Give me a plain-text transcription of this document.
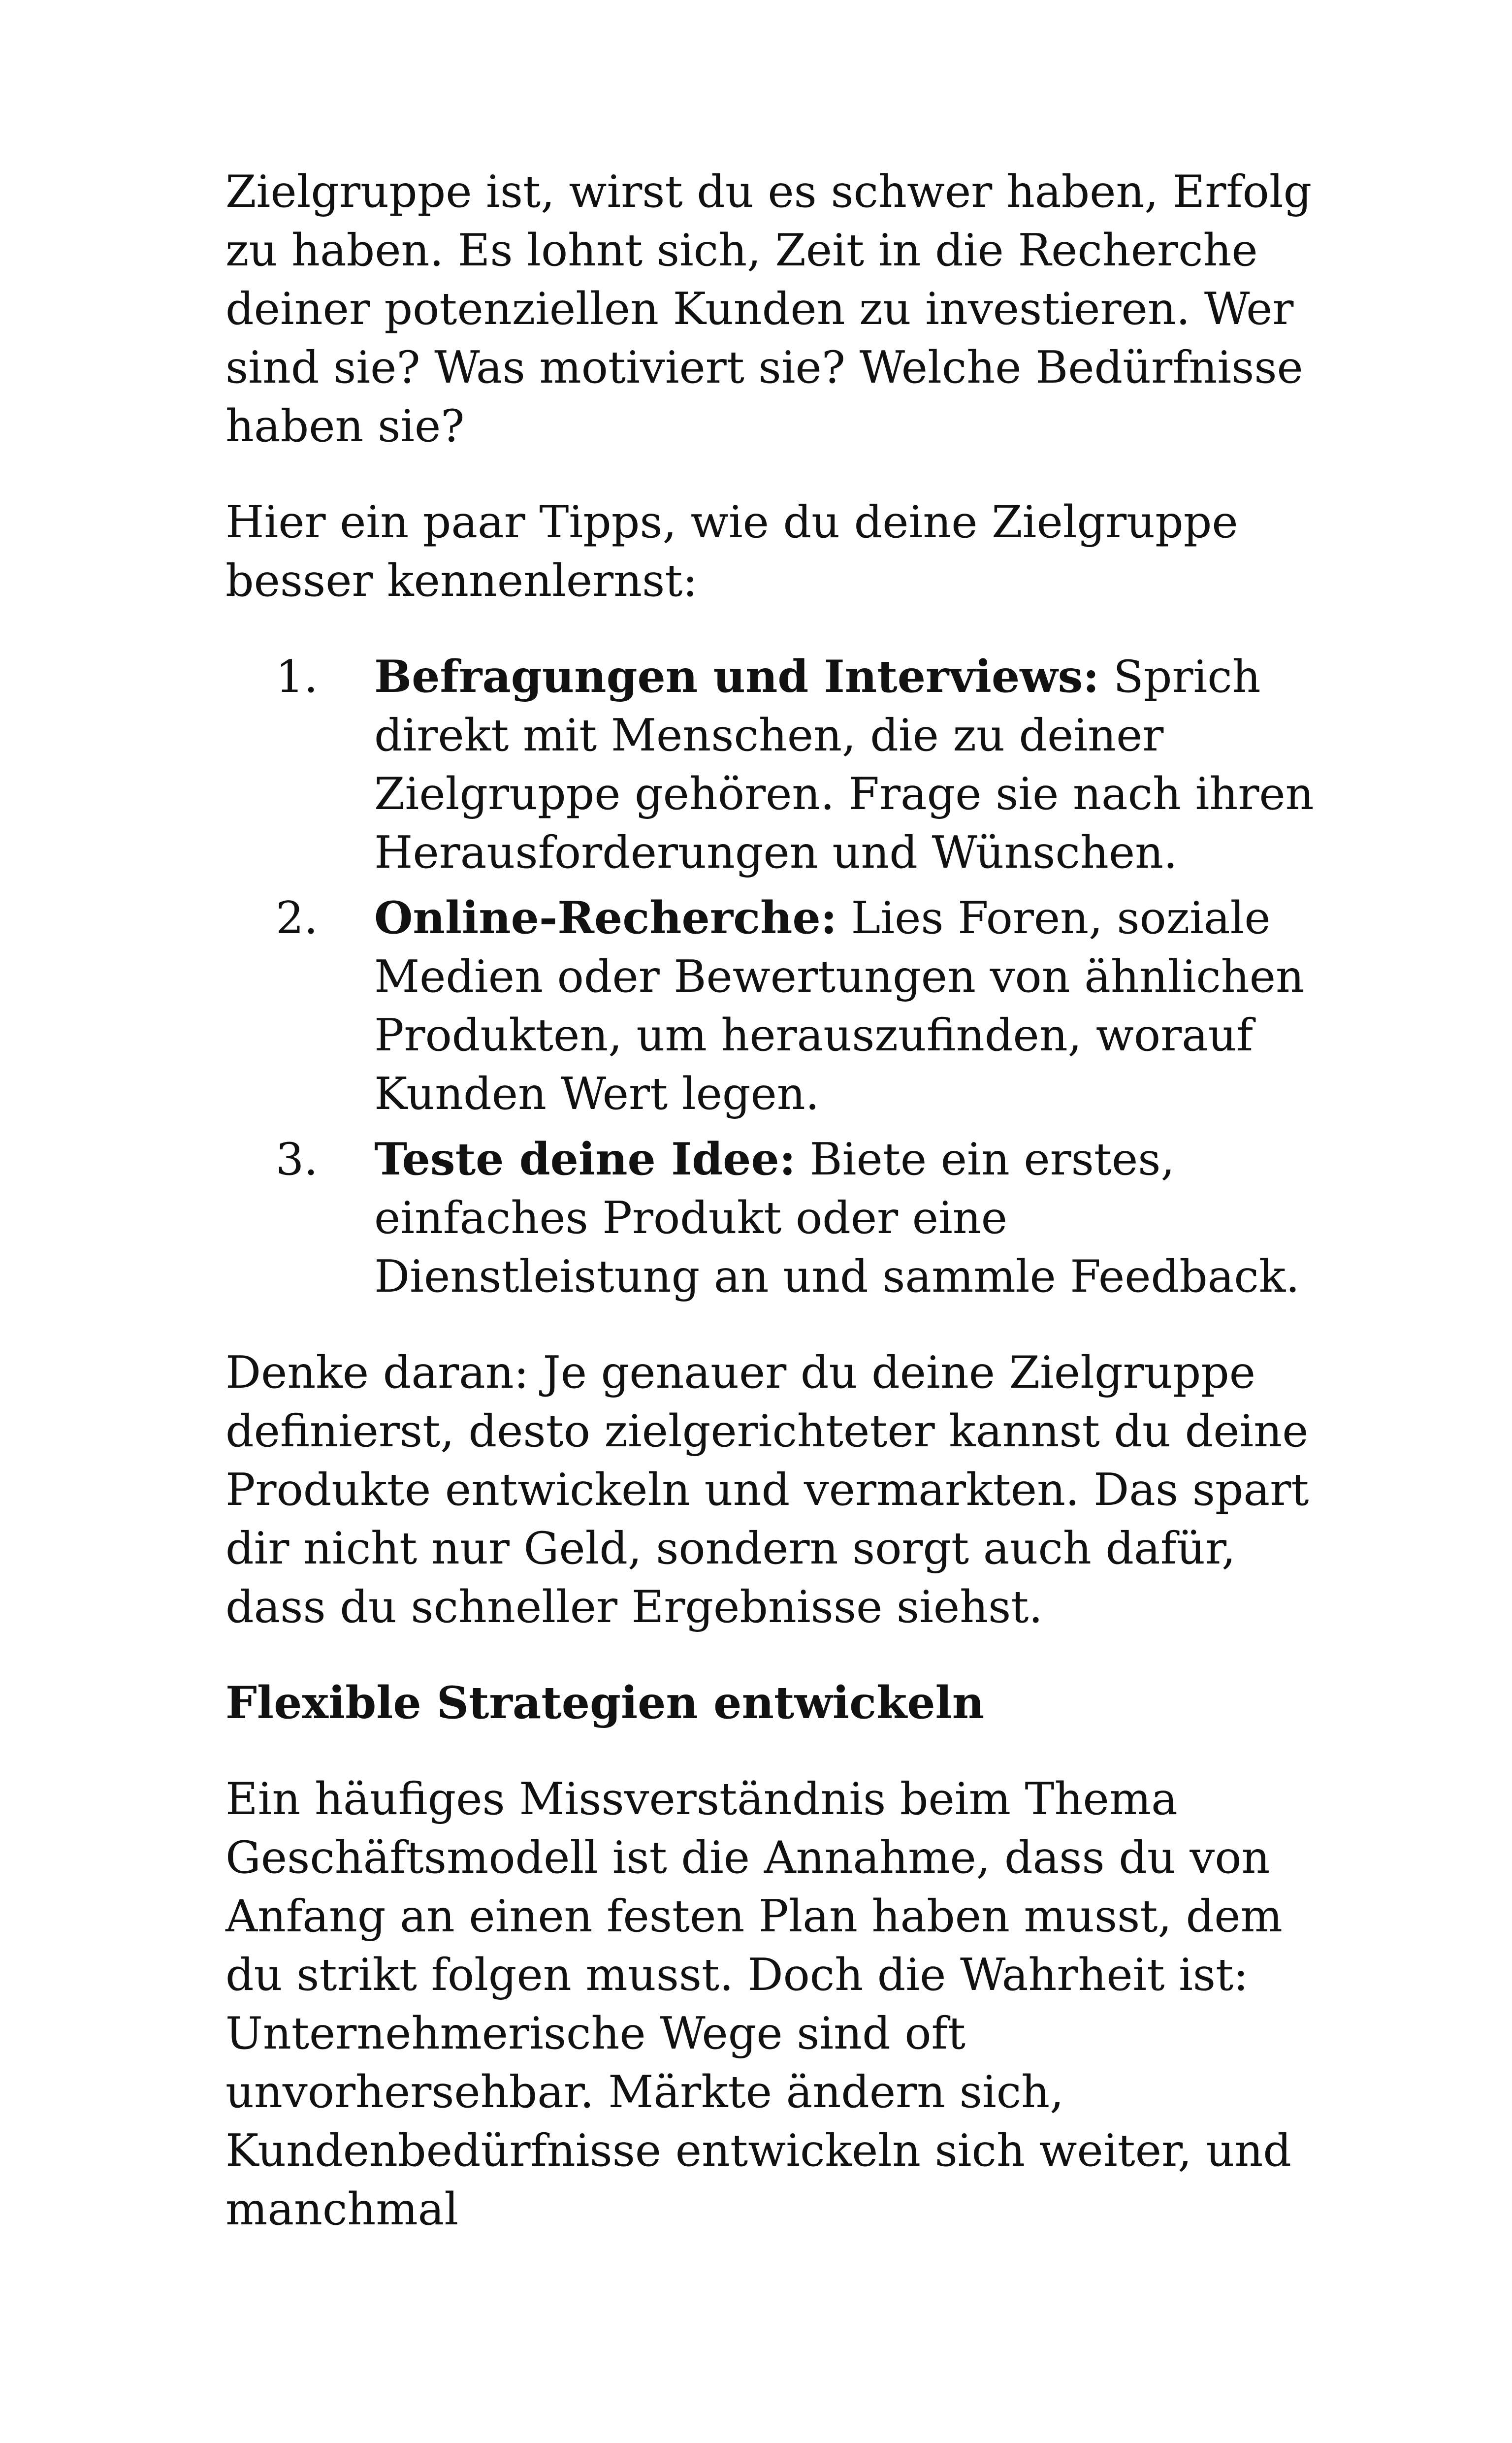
Zielgruppe ist, wirst du es schwer haben, Erfolg zu haben. Es lohnt sich, Zeit in die Recherche deiner potenziellen Kunden zu investieren. Wer sind sie? Was motiviert sie? Welche Bedürfnisse haben sie?

Hier ein paar Tipps, wie du deine Zielgruppe besser kennenlernst:

1. Befragungen und Interviews: Sprich direkt mit Menschen, die zu deiner Zielgruppe gehören. Frage sie nach ihren Herausforderungen und Wünschen.
2. Online-Recherche: Lies Foren, soziale Medien oder Bewertungen von ähnlichen Produkten, um herauszufinden, worauf Kunden Wert legen.
3. Teste deine Idee: Biete ein erstes, einfaches Produkt oder eine Dienstleistung an und sammle Feedback.

Denke daran: Je genauer du deine Zielgruppe definierst, desto zielgerichteter kannst du deine Produkte entwickeln und vermarkten. Das spart dir nicht nur Geld, sondern sorgt auch dafür, dass du schneller Ergebnisse siehst.

Flexible Strategien entwickeln

Ein häufiges Missverständnis beim Thema Geschäftsmodell ist die Annahme, dass du von Anfang an einen festen Plan haben musst, dem du strikt folgen musst. Doch die Wahrheit ist: Unternehmerische Wege sind oft unvorhersehbar. Märkte ändern sich, Kundenbedürfnisse entwickeln sich weiter, und manchmal
